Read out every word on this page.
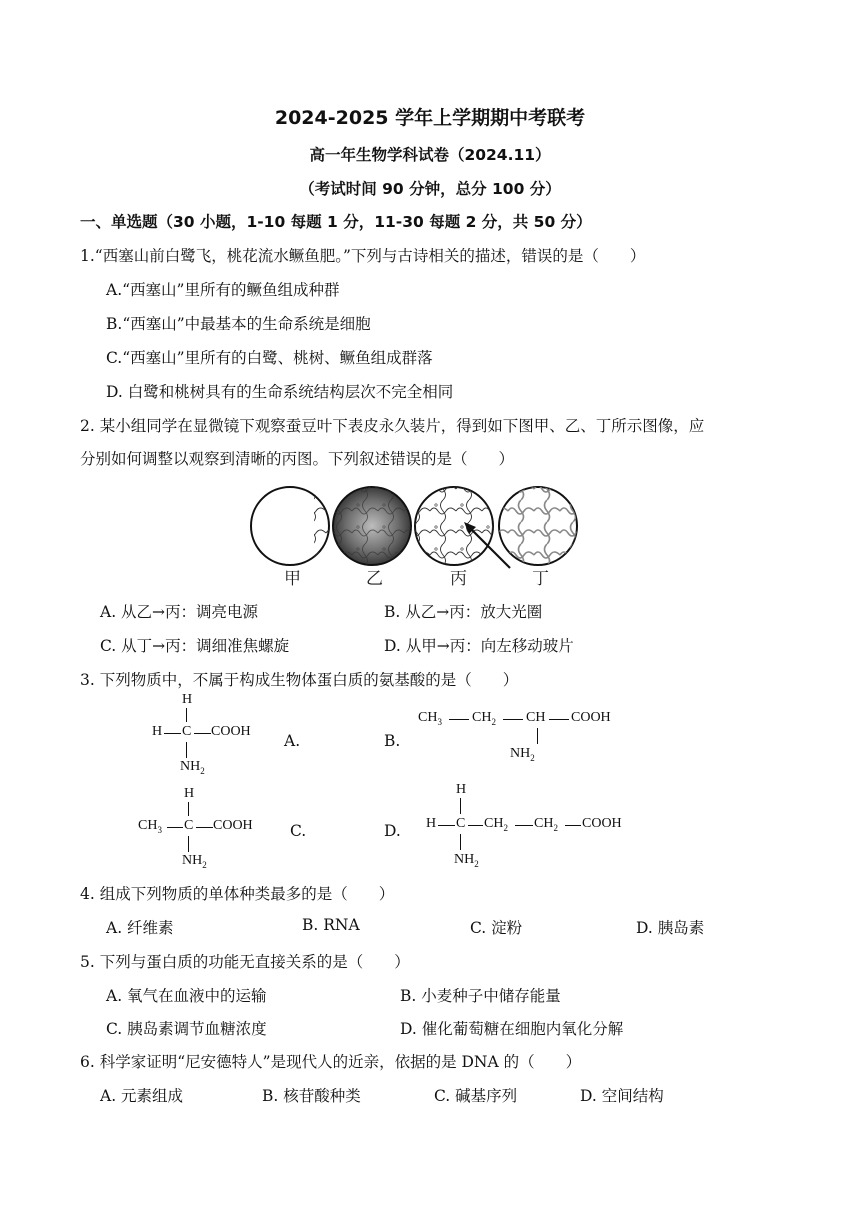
2024-2025 学年上学期期中考联考
高一年生物学科试卷（2024.11）
（考试时间 90 分钟，总分 100 分）
一、单选题（30 小题，1-10 每题 1 分，11-30 每题 2 分，共 50 分）
1.“西塞山前白鹭飞，桃花流水鳜鱼肥。”下列与古诗相关的描述，错误的是（　　）
A.“西塞山”里所有的鳜鱼组成种群
B.“西塞山”中最基本的生命系统是细胞
C.“西塞山”里所有的白鹭、桃树、鳜鱼组成群落
D. 白鹭和桃树具有的生命系统结构层次不完全相同
2. 某小组同学在显微镜下观察蚕豆叶下表皮永久装片，得到如下图甲、乙、丁所示图像，应
分别如何调整以观察到清晰的丙图。下列叙述错误的是（　　）
甲	乙	丙	丁
A. 从乙→丙：调亮电源	B. 从乙→丙：放大光圈
C. 从丁→丙：调细准焦螺旋	D. 从甲→丙：向左移动玻片
3. 下列物质中，不属于构成生物体蛋白质的氨基酸的是（　　）
H
H C COOH
$NH_2$
A.	B.
$CH_3$ $CH_2$ CH COOH
$NH_2$
H
$CH_3$ C COOH
$NH_2$
C.	D.
H
H C $CH_2$ $CH_2$ COOH
$NH_2$
4. 组成下列物质的单体种类最多的是（　　）
A. 纤维素	B. RNA	C. 淀粉	D. 胰岛素
5. 下列与蛋白质的功能无直接关系的是（　　）
A. 氧气在血液中的运输	B. 小麦种子中储存能量
C. 胰岛素调节血糖浓度	D. 催化葡萄糖在细胞内氧化分解
6. 科学家证明“尼安德特人”是现代人的近亲，依据的是 DNA 的（　　）
A. 元素组成	B. 核苷酸种类	C. 碱基序列	D. 空间结构
